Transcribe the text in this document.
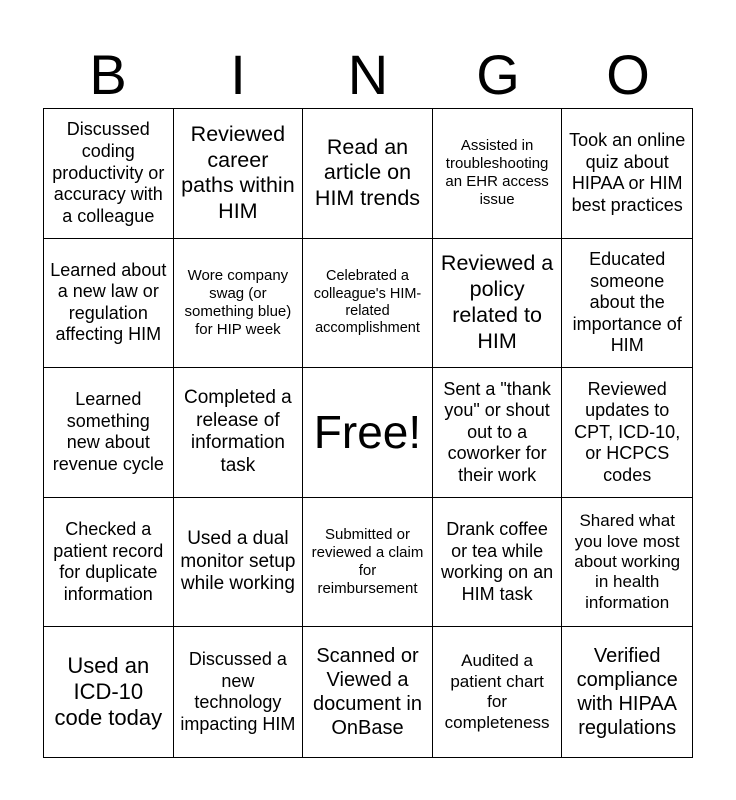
B	I	N	G	O
Discussed coding productivity or accuracy with a colleague
Reviewed career paths within HIM
Read an article on HIM trends
Assisted in troubleshooting an EHR access issue
Took an online quiz about HIPAA or HIM best practices
Learned about a new law or regulation affecting HIM
Wore company swag (or something blue) for HIP week
Celebrated a colleague's HIM-related accomplishment
Reviewed a policy related to HIM
Educated someone about the importance of HIM
Learned something new about revenue cycle
Completed a release of information task
Free!
Sent a "thank you" or shout out to a coworker for their work
Reviewed updates to CPT, ICD-10, or HCPCS codes
Checked a patient record for duplicate information
Used a dual monitor setup while working
Submitted or reviewed a claim for reimbursement
Drank coffee or tea while working on an HIM task
Shared what you love most about working in health information
Used an ICD-10 code today
Discussed a new technology impacting HIM
Scanned or Viewed a document in OnBase
Audited a patient chart for completeness
Verified compliance with HIPAA regulations
